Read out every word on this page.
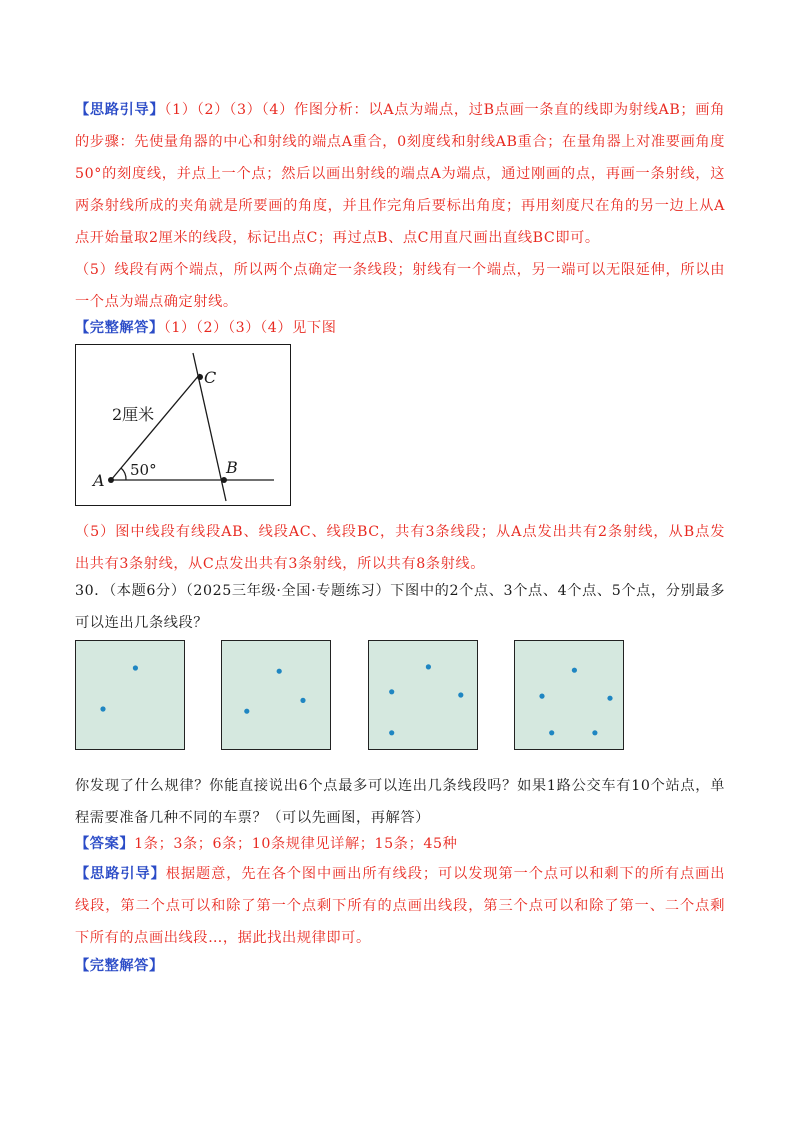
【思路引导】（1）（2）（3）（4）作图分析：以A点为端点，过B点画一条直的线即为射线AB；画角的步骤：先使量角器的中心和射线的端点A重合，0刻度线和射线AB重合；在量角器上对准要画角度50°的刻度线，并点上一个点；然后以画出射线的端点A为端点，通过刚画的点，再画一条射线，这两条射线所成的夹角就是所要画的角度，并且作完角后要标出角度；再用刻度尺在角的另一边上从A点开始量取2厘米的线段，标记出点C；再过点B、点C用直尺画出直线BC即可。
（5）线段有两个端点，所以两个点确定一条线段；射线有一个端点，另一端可以无限延伸，所以由一个点为端点确定射线。
【完整解答】（1）（2）（3）（4）见下图
A
B
C
2厘米
50°
（5）图中线段有线段AB、线段AC、线段BC，共有3条线段；从A点发出共有2条射线，从B点发出共有3条射线，从C点发出共有3条射线，所以共有8条射线。
30．（本题6分）（2025三年级·全国·专题练习）下图中的2个点、3个点、4个点、5个点，分别最多可以连出几条线段？
你发现了什么规律？你能直接说出6个点最多可以连出几条线段吗？如果1路公交车有10个站点，单程需要准备几种不同的车票？（可以先画图，再解答）
【答案】1条；3条；6条；10条规律见详解；15条；45种
【思路引导】根据题意，先在各个图中画出所有线段；可以发现第一个点可以和剩下的所有点画出线段，第二个点可以和除了第一个点剩下所有的点画出线段，第三个点可以和除了第一、二个点剩下所有的点画出线段…，据此找出规律即可。
【完整解答】
